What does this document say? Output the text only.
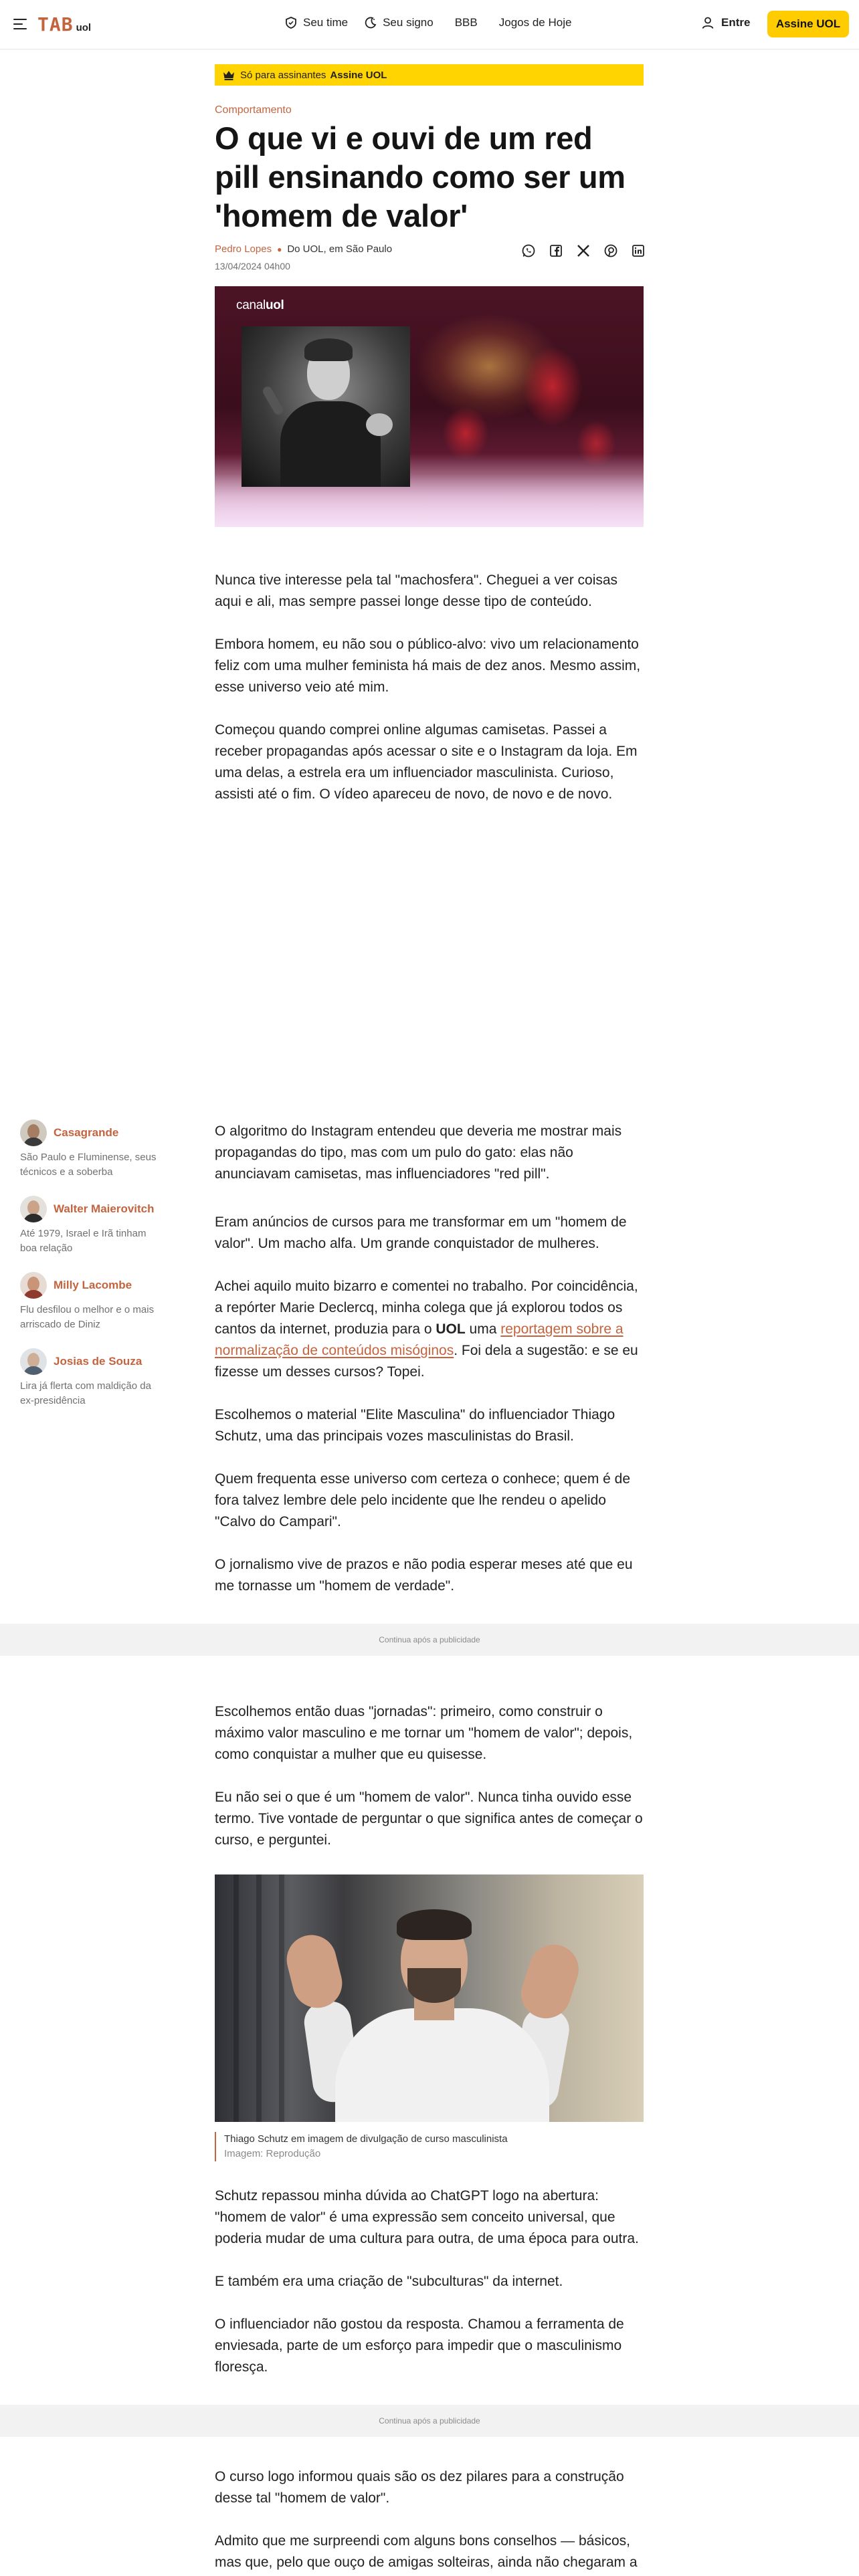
TAB uol	Seu time	Seu signo BBB Jogos de Hoje	Entre	Assine UOL
Só para assinantes Assine UOL
Comportamento
O que vi e ouvi de um red pill ensinando como ser um 'homem de valor'
Pedro Lopes ● Do UOL, em São Paulo
13/04/2024 04h00
canaluol

Nunca tive interesse pela tal "machosfera". Cheguei a ver coisas aqui e ali, mas sempre passei longe desse tipo de conteúdo.

Embora homem, eu não sou o público-alvo: vivo um relacionamento feliz com uma mulher feminista há mais de dez anos. Mesmo assim, esse universo veio até mim.

Começou quando comprei online algumas camisetas. Passei a receber propagandas após acessar o site e o Instagram da loja. Em uma delas, a estrela era um influenciador masculinista. Curioso, assisti até o fim. O vídeo apareceu de novo, de novo e de novo.

Casagrande
São Paulo e Fluminense, seus técnicos e a soberba
Walter Maierovitch
Até 1979, Israel e Irã tinham boa relação
Milly Lacombe
Flu desfilou o melhor e o mais arriscado de Diniz
Josias de Souza
Lira já flerta com maldição da ex-presidência

O algoritmo do Instagram entendeu que deveria me mostrar mais propagandas do tipo, mas com um pulo do gato: elas não anunciavam camisetas, mas influenciadores "red pill".

Eram anúncios de cursos para me transformar em um "homem de valor". Um macho alfa. Um grande conquistador de mulheres.

Achei aquilo muito bizarro e comentei no trabalho. Por coincidência, a repórter Marie Declercq, minha colega que já explorou todos os cantos da internet, produzia para o UOL uma reportagem sobre a normalização de conteúdos misóginos. Foi dela a sugestão: e se eu fizesse um desses cursos? Topei.

Escolhemos o material "Elite Masculina" do influenciador Thiago Schutz, uma das principais vozes masculinistas do Brasil.

Quem frequenta esse universo com certeza o conhece; quem é de fora talvez lembre dele pelo incidente que lhe rendeu o apelido "Calvo do Campari".

O jornalismo vive de prazos e não podia esperar meses até que eu me tornasse um "homem de verdade".

Continua após a publicidade

Escolhemos então duas "jornadas": primeiro, como construir o máximo valor masculino e me tornar um "homem de valor"; depois, como conquistar a mulher que eu quisesse.

Eu não sei o que é um "homem de valor". Nunca tinha ouvido esse termo. Tive vontade de perguntar o que significa antes de começar o curso, e perguntei.

Thiago Schutz em imagem de divulgação de curso masculinista
Imagem: Reprodução

Schutz repassou minha dúvida ao ChatGPT logo na abertura: "homem de valor" é uma expressão sem conceito universal, que poderia mudar de uma cultura para outra, de uma época para outra.

E também era uma criação de "subculturas" da internet.

O influenciador não gostou da resposta. Chamou a ferramenta de enviesada, parte de um esforço para impedir que o masculinismo floresça.

Continua após a publicidade

O curso logo informou quais são os dez pilares para a construção desse tal "homem de valor".

Admito que me surpreendi com alguns bons conselhos — básicos, mas que, pelo que ouço de amigas solteiras, ainda não chegaram a
